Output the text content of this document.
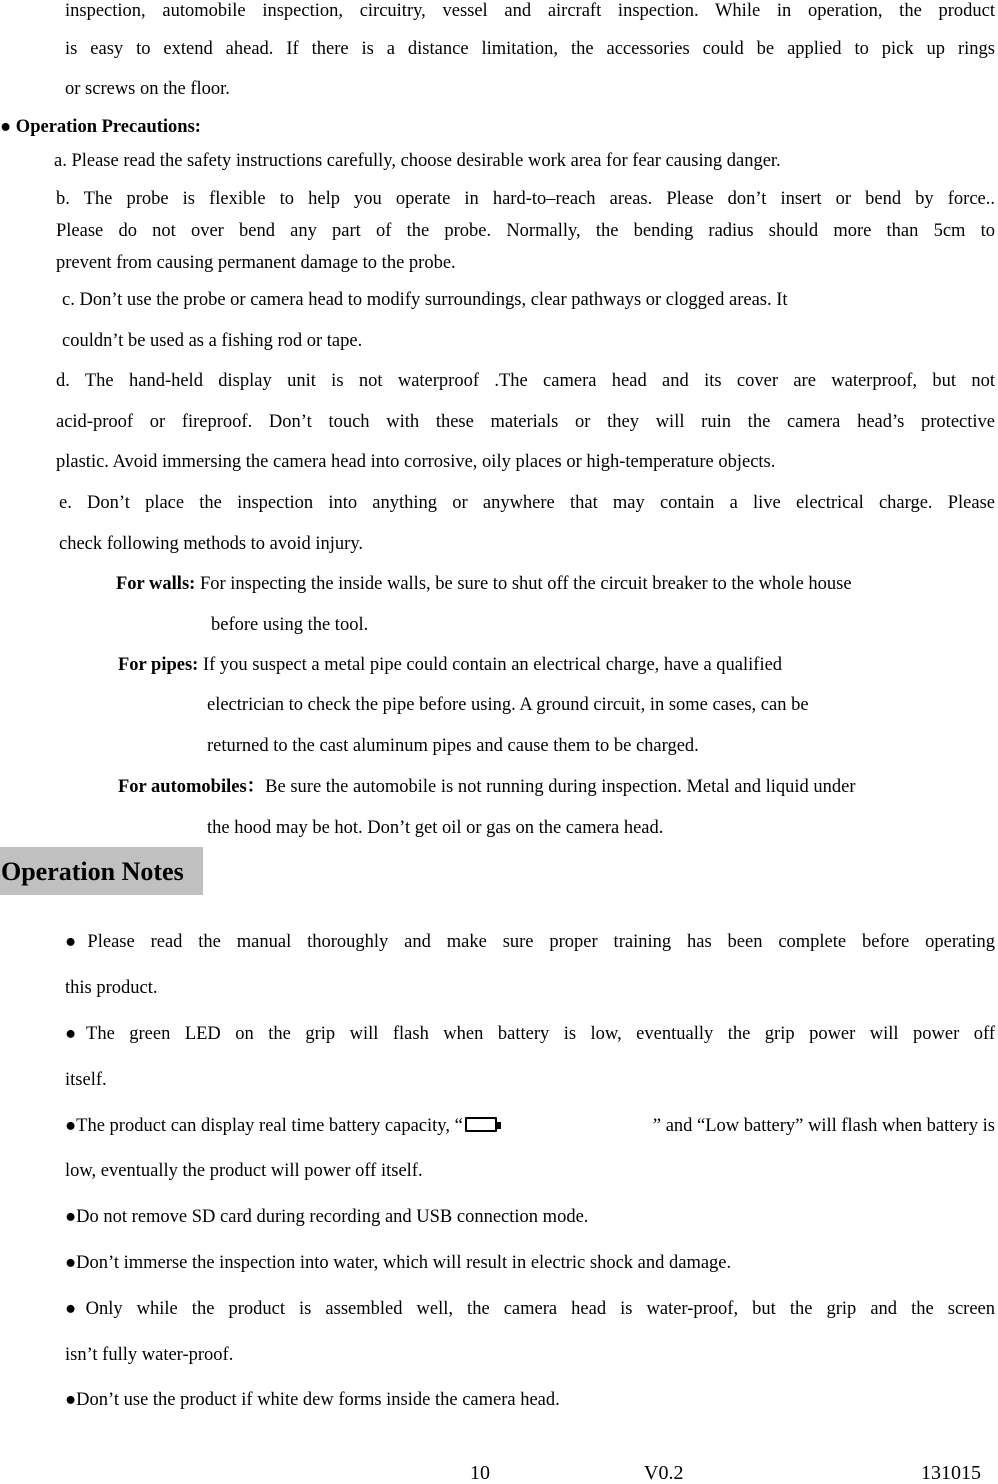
inspection, automobile inspection, circuitry, vessel and aircraft inspection. While in operation, the product
is easy to extend ahead. If there is a distance limitation, the accessories could be applied to pick up rings
or screws on the floor.
● Operation Precautions:
a. Please read the safety instructions carefully, choose desirable work area for fear causing danger.
b. The probe is flexible to help you operate in hard-to–reach areas. Please don’t insert or bend by force..
Please do not over bend any part of the probe. Normally, the bending radius should more than 5cm to
prevent from causing permanent damage to the probe.
c. Don’t use the probe or camera head to modify surroundings, clear pathways or clogged areas. It
couldn’t be used as a fishing rod or tape.
d. The hand-held display unit is not waterproof .The camera head and its cover are waterproof, but not
acid-proof or fireproof. Don’t touch with these materials or they will ruin the camera head’s protective
plastic. Avoid immersing the camera head into corrosive, oily places or high-temperature objects.
e. Don’t place the inspection into anything or anywhere that may contain a live electrical charge. Please
check following methods to avoid injury.
For walls: For inspecting the inside walls, be sure to shut off the circuit breaker to the whole house
before using the tool.
For pipes: If you suspect a metal pipe could contain an electrical charge, have a qualified
electrician to check the pipe before using. A ground circuit, in some cases, can be
returned to the cast aluminum pipes and cause them to be charged.
For automobiles：Be sure the automobile is not running during inspection. Metal and liquid under
the hood may be hot. Don’t get oil or gas on the camera head.
Operation Notes
●Please read the manual thoroughly and make sure proper training has been complete before operating
this product.
●The green LED on the grip will flash when battery is low, eventually the grip power will power off
itself.
●The product can display real time battery capacity, “	” and “Low battery” will flash when battery is
low, eventually the product will power off itself.
●Do not remove SD card during recording and USB connection mode.
●Don’t immerse the inspection into water, which will result in electric shock and damage.
●Only while the product is assembled well, the camera head is water-proof, but the grip and the screen
isn’t fully water-proof.
●Don’t use the product if white dew forms inside the camera head.
10	V0.2	131015
